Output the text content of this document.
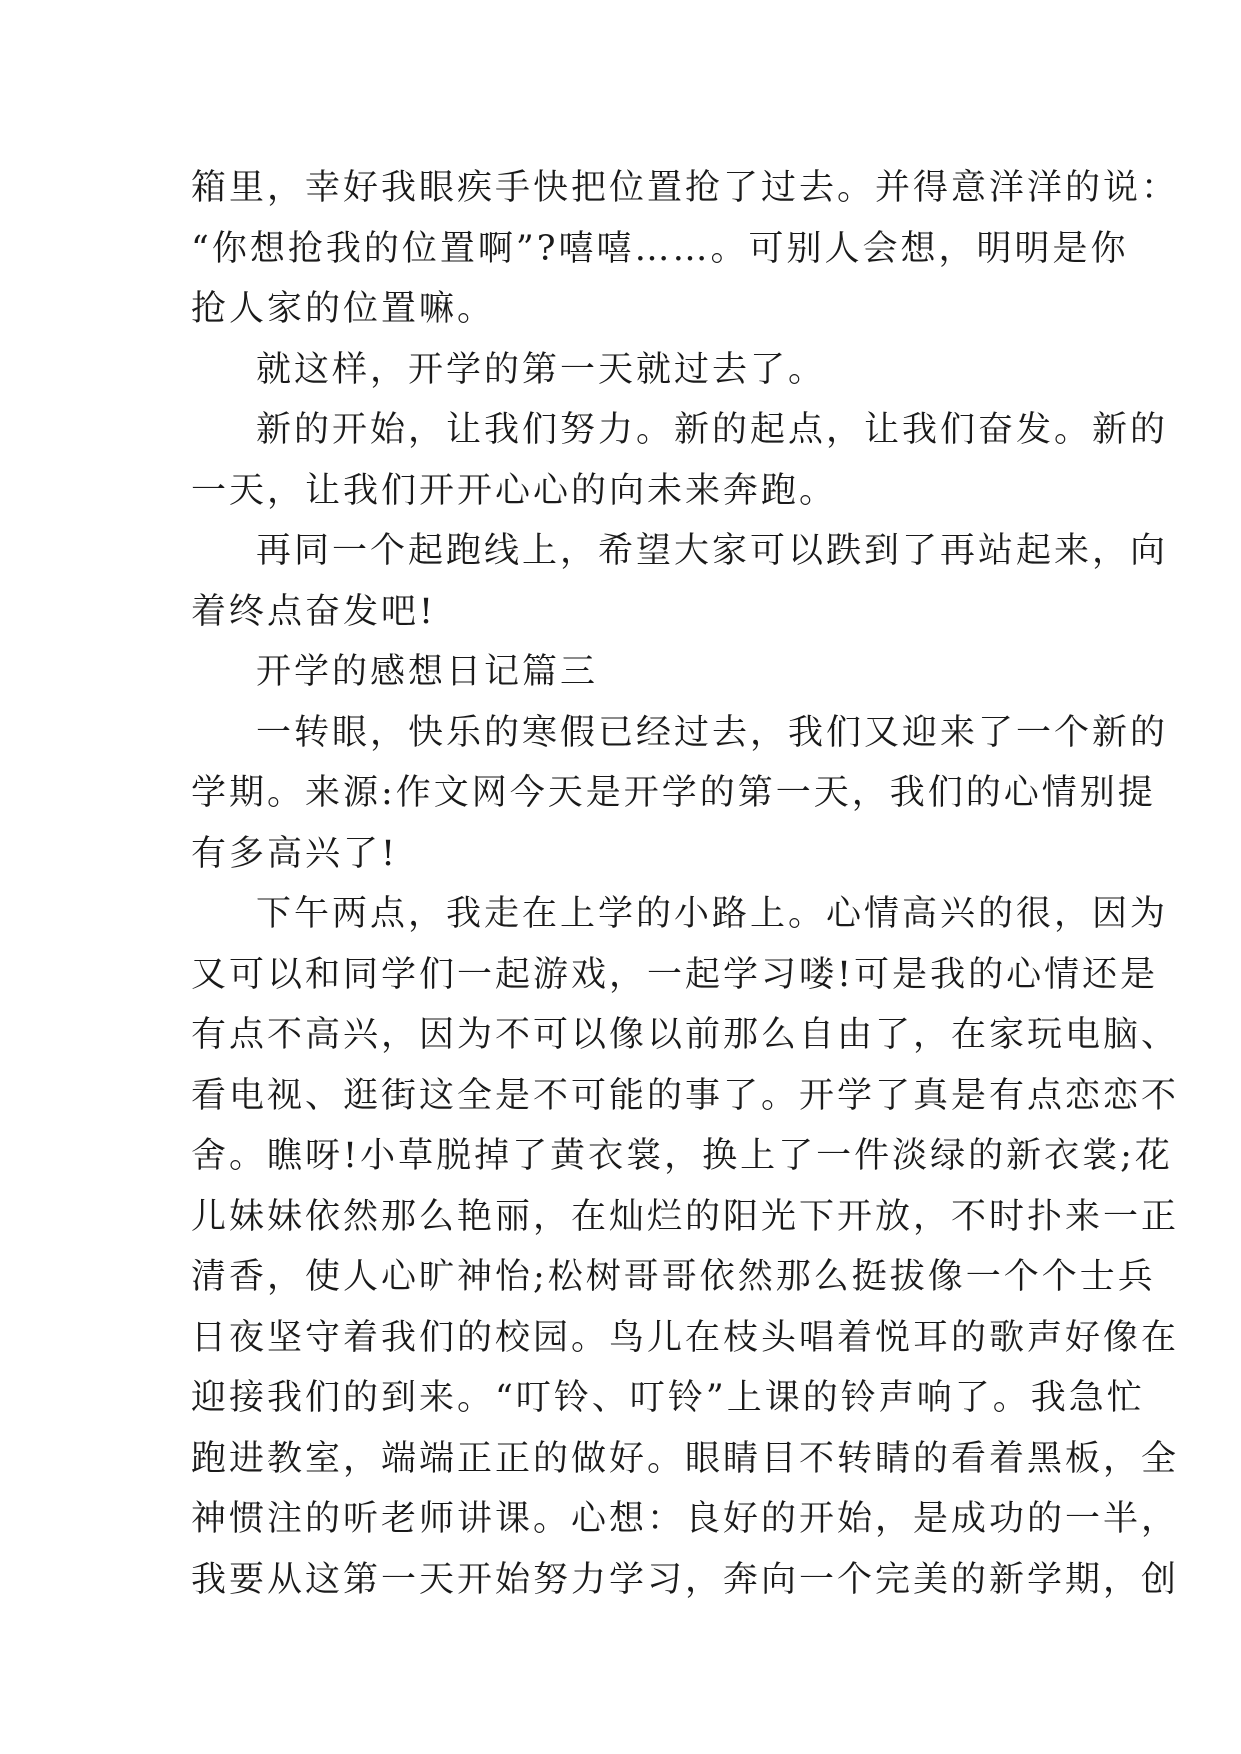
箱里，幸好我眼疾手快把位置抢了过去。并得意洋洋的说：
“你想抢我的位置啊”?嘻嘻……。可别人会想，明明是你
抢人家的位置嘛。
就这样，开学的第一天就过去了。
新的开始，让我们努力。新的起点，让我们奋发。新的
一天，让我们开开心心的向未来奔跑。
再同一个起跑线上，希望大家可以跌到了再站起来，向
着终点奋发吧!
开学的感想日记篇三
一转眼，快乐的寒假已经过去，我们又迎来了一个新的
学期。来源:作文网今天是开学的第一天，我们的心情别提
有多高兴了!
下午两点，我走在上学的小路上。心情高兴的很，因为
又可以和同学们一起游戏，一起学习喽!可是我的心情还是
有点不高兴，因为不可以像以前那么自由了，在家玩电脑、
看电视、逛街这全是不可能的事了。开学了真是有点恋恋不
舍。瞧呀!小草脱掉了黄衣裳，换上了一件淡绿的新衣裳;花
儿妹妹依然那么艳丽，在灿烂的阳光下开放，不时扑来一正
清香，使人心旷神怡;松树哥哥依然那么挺拔像一个个士兵
日夜坚守着我们的校园。鸟儿在枝头唱着悦耳的歌声好像在
迎接我们的到来。“叮铃、叮铃”上课的铃声响了。我急忙
跑进教室，端端正正的做好。眼睛目不转睛的看着黑板，全
神惯注的听老师讲课。心想：良好的开始，是成功的一半，
我要从这第一天开始努力学习，奔向一个完美的新学期，创
